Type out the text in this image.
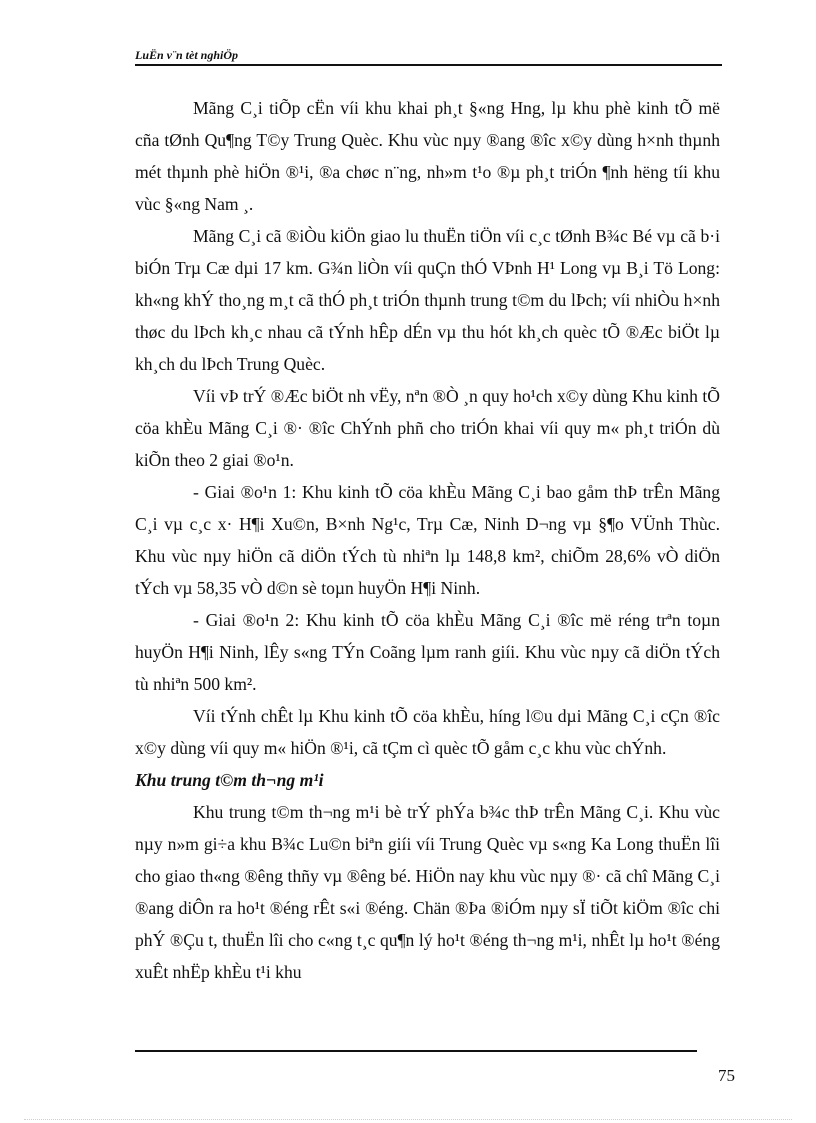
LuËn v¨n tèt nghiÖp

Mãng C¸i tiÕp cËn víi khu khai ph¸t §«ng Hng, lµ khu phè kinh tÕ më cña tØnh Qu¶ng T©y Trung Quèc. Khu vùc nµy ®ang ®îc x©y dùng h×nh thµnh mét thµnh phè hiÖn ®¹i, ®a chøc n¨ng, nh»m t¹o ®µ ph¸t triÓn ¶nh hëng tíi khu vùc §«ng Nam ¸.

Mãng C¸i cã ®iÒu kiÖn giao lu thuËn tiÖn víi c¸c tØnh B¾c Bé vµ cã b·i biÓn Trµ Cæ dµi 17 km. G¾n liÒn víi quÇn thÓ VÞnh H¹ Long vµ B¸i Tö Long: kh«ng khÝ tho¸ng m¸t cã thÓ ph¸t triÓn thµnh trung t©m du lÞch; víi nhiÒu h×nh thøc du lÞch kh¸c nhau cã tÝnh hÊp dÉn vµ thu hót kh¸ch quèc tÕ ®Æc biÖt lµ kh¸ch du lÞch Trung Quèc.

Víi vÞ trÝ ®Æc biÖt nh vËy, nªn ®Ò ¸n quy ho¹ch x©y dùng Khu kinh tÕ cöa khÈu Mãng C¸i ®· ®îc ChÝnh phñ cho triÓn khai víi quy m« ph¸t triÓn dù kiÕn theo 2 giai ®o¹n.

- Giai ®o¹n 1: Khu kinh tÕ cöa khÈu Mãng C¸i bao gåm thÞ trÊn Mãng C¸i vµ c¸c x· H¶i Xu©n, B×nh Ng¹c, Trµ Cæ, Ninh D¬ng vµ §¶o VÜnh Thùc. Khu vùc nµy hiÖn cã diÖn tÝch tù nhiªn lµ 148,8 km², chiÕm 28,6% vÒ diÖn tÝch vµ 58,35 vÒ d©n sè toµn huyÖn H¶i Ninh.

- Giai ®o¹n 2: Khu kinh tÕ cöa khÈu Mãng C¸i ®îc më réng trªn toµn huyÖn H¶i Ninh, lÊy s«ng TÝn Coãng lµm ranh giíi. Khu vùc nµy cã diÖn tÝch tù nhiªn 500 km².

Víi tÝnh chÊt lµ Khu kinh tÕ cöa khÈu, híng l©u dµi Mãng C¸i cÇn ®îc x©y dùng víi quy m« hiÖn ®¹i, cã tÇm cì quèc tÕ gåm c¸c khu vùc chÝnh.

Khu trung t©m th¬ng m¹i

Khu trung t©m th¬ng m¹i bè trÝ phÝa b¾c thÞ trÊn Mãng C¸i. Khu vùc nµy n»m gi÷a khu B¾c Lu©n biªn giíi víi Trung Quèc vµ s«ng Ka Long thuËn lîi cho giao th«ng ®êng thñy vµ ®êng bé. HiÖn nay khu vùc nµy ®· cã chî Mãng C¸i ®ang diÔn ra ho¹t ®éng rÊt s«i ®éng. Chän ®Þa ®iÓm nµy sÏ tiÕt kiÖm ®îc chi phÝ ®Çu t, thuËn lîi cho c«ng t¸c qu¶n lý ho¹t ®éng th¬ng m¹i, nhÊt lµ ho¹t ®éng xuÊt nhËp khÈu t¹i khu

75
